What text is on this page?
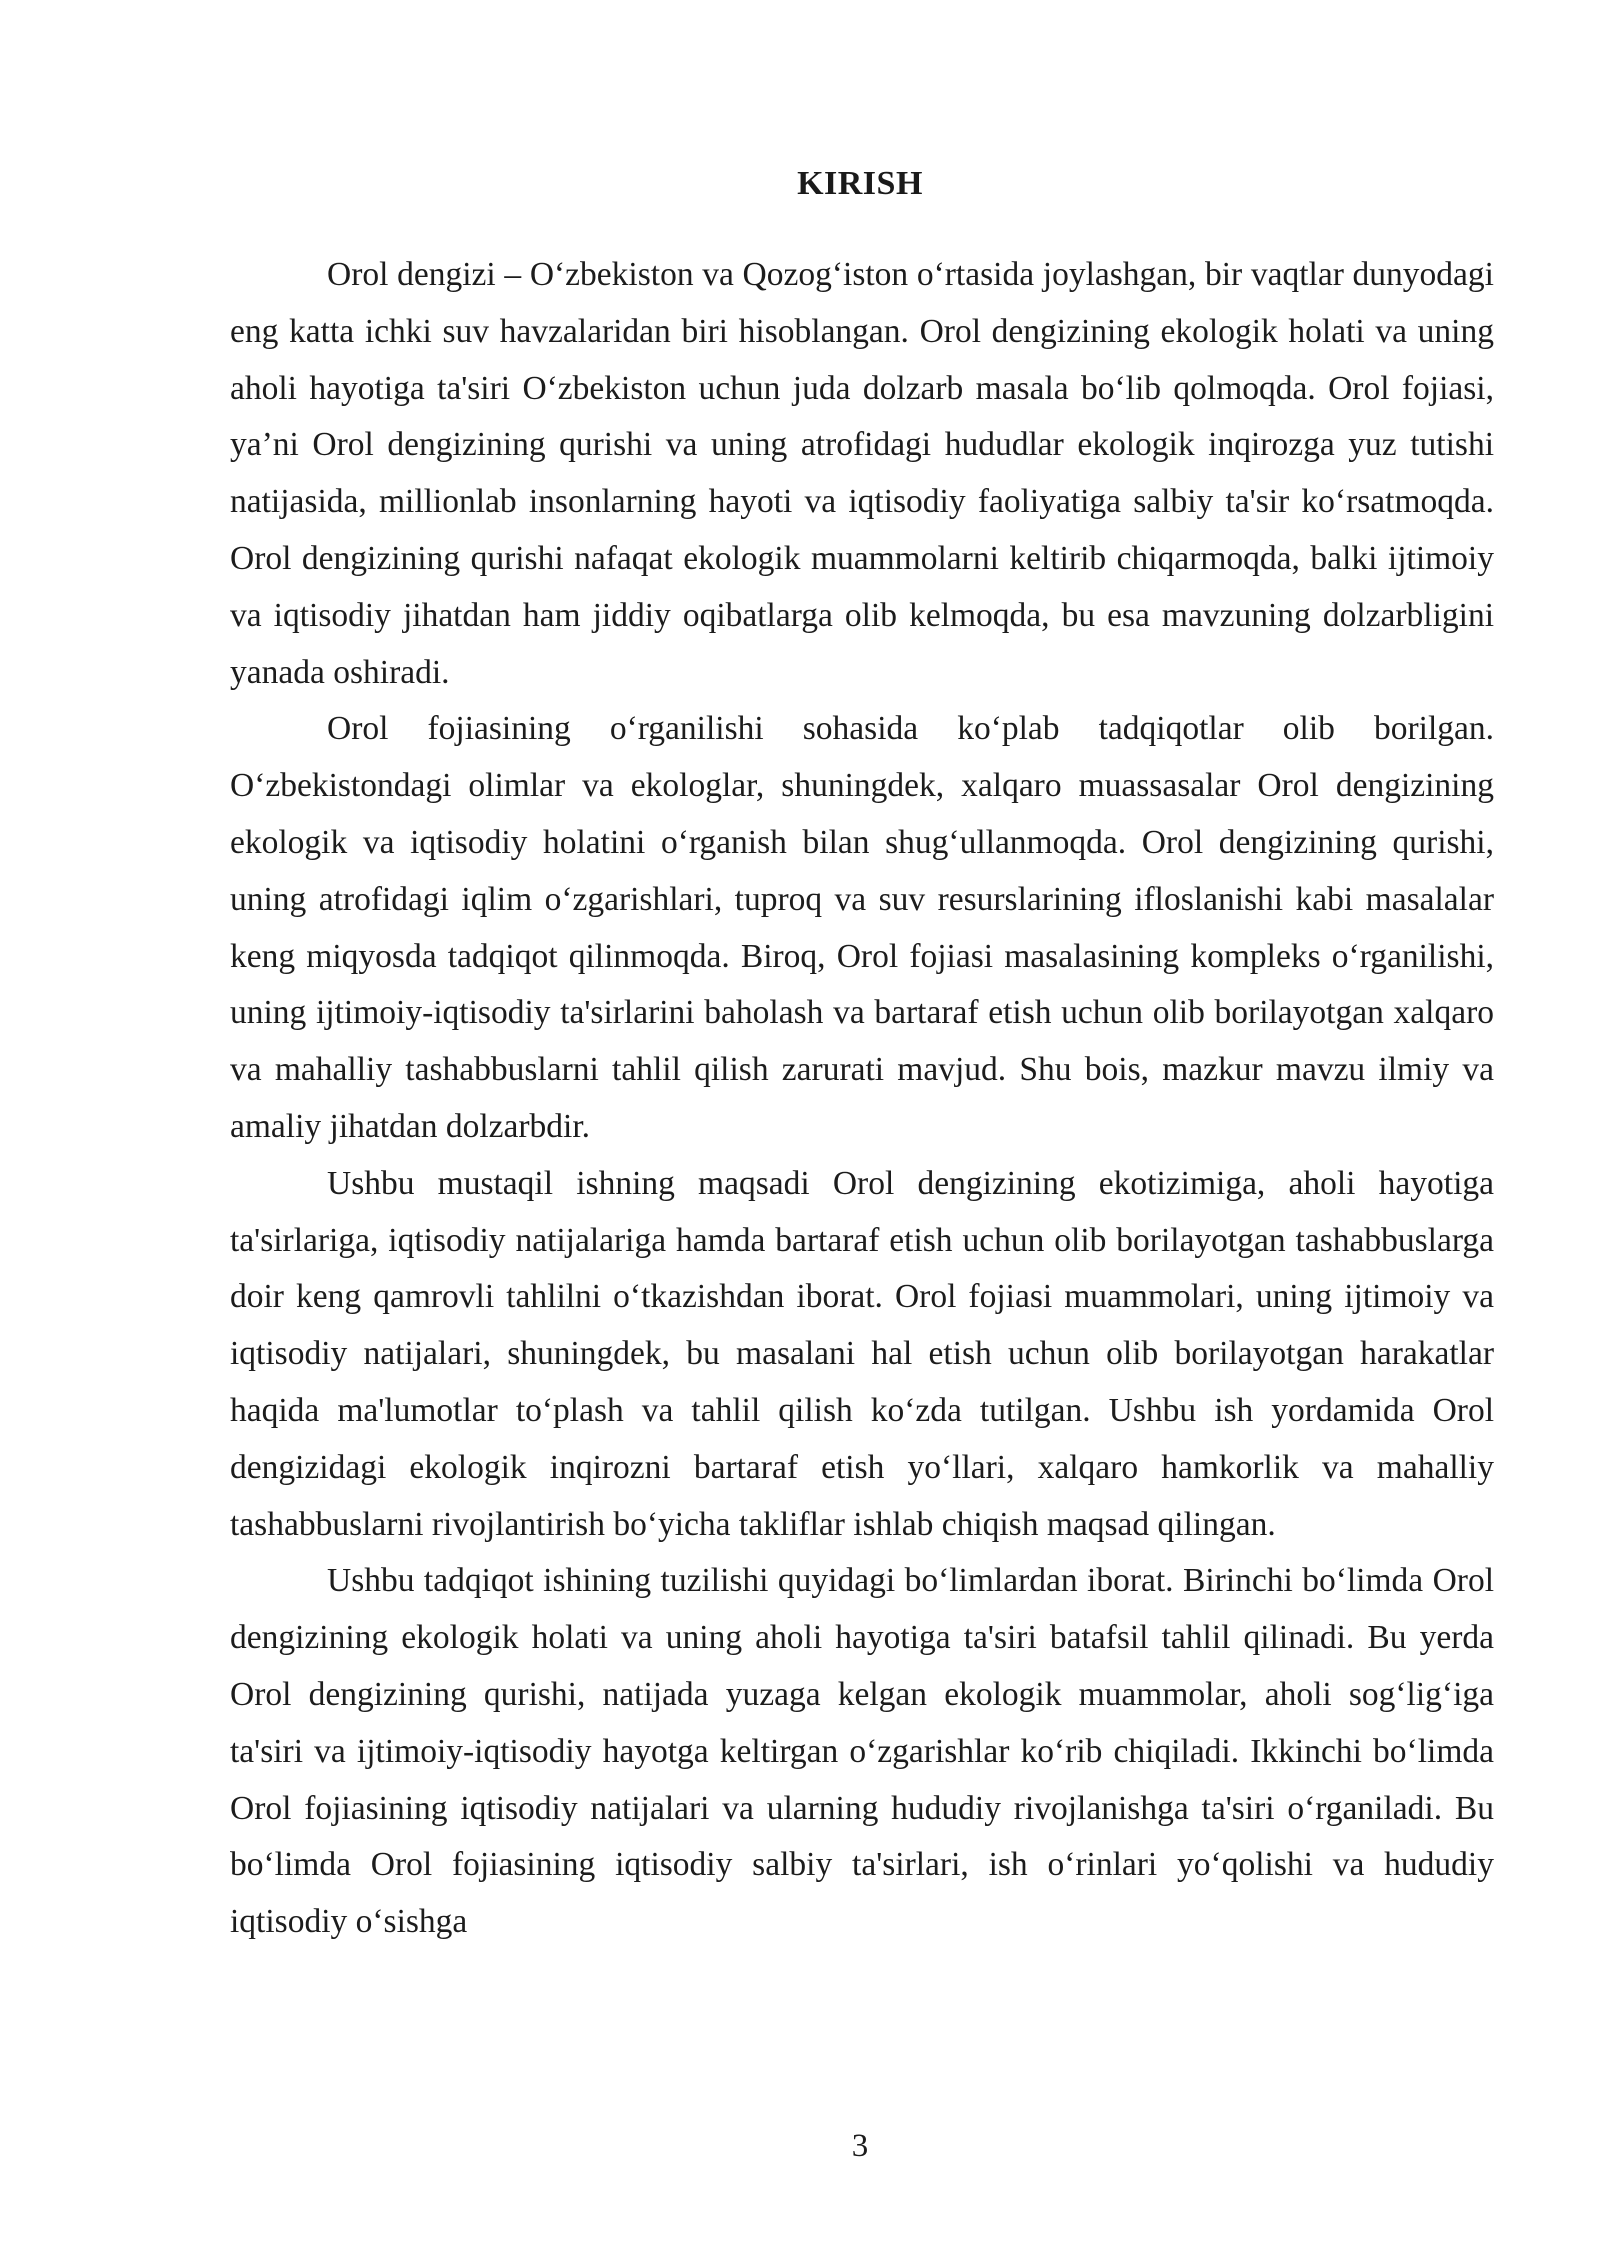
KIRISH

Orol dengizi – O‘zbekiston va Qozog‘iston o‘rtasida joylashgan, bir vaqtlar dunyodagi eng katta ichki suv havzalaridan biri hisoblangan. Orol dengizining ekologik holati va uning aholi hayotiga ta'siri O‘zbekiston uchun juda dolzarb masala bo‘lib qolmoqda. Orol fojiasi, ya’ni Orol dengizining qurishi va uning atrofidagi hududlar ekologik inqirozga yuz tutishi natijasida, millionlab insonlarning hayoti va iqtisodiy faoliyatiga salbiy ta'sir ko‘rsatmoqda. Orol dengizining qurishi nafaqat ekologik muammolarni keltirib chiqarmoqda, balki ijtimoiy va iqtisodiy jihatdan ham jiddiy oqibatlarga olib kelmoqda, bu esa mavzuning dolzarbligini yanada oshiradi.

Orol fojiasining o‘rganilishi sohasida ko‘plab tadqiqotlar olib borilgan. O‘zbekistondagi olimlar va ekologlar, shuningdek, xalqaro muassasalar Orol dengizining ekologik va iqtisodiy holatini o‘rganish bilan shug‘ullanmoqda. Orol dengizining qurishi, uning atrofidagi iqlim o‘zgarishlari, tuproq va suv resurslarining ifloslanishi kabi masalalar keng miqyosda tadqiqot qilinmoqda. Biroq, Orol fojiasi masalasining kompleks o‘rganilishi, uning ijtimoiy-iqtisodiy ta'sirlarini baholash va bartaraf etish uchun olib borilayotgan xalqaro va mahalliy tashabbuslarni tahlil qilish zarurati mavjud. Shu bois, mazkur mavzu ilmiy va amaliy jihatdan dolzarbdir.

Ushbu mustaqil ishning maqsadi Orol dengizining ekotizimiga, aholi hayotiga ta'sirlariga, iqtisodiy natijalariga hamda bartaraf etish uchun olib borilayotgan tashabbuslarga doir keng qamrovli tahlilni o‘tkazishdan iborat. Orol fojiasi muammolari, uning ijtimoiy va iqtisodiy natijalari, shuningdek, bu masalani hal etish uchun olib borilayotgan harakatlar haqida ma'lumotlar to‘plash va tahlil qilish ko‘zda tutilgan. Ushbu ish yordamida Orol dengizidagi ekologik inqirozni bartaraf etish yo‘llari, xalqaro hamkorlik va mahalliy tashabbuslarni rivojlantirish bo‘yicha takliflar ishlab chiqish maqsad qilingan.

Ushbu tadqiqot ishining tuzilishi quyidagi bo‘limlardan iborat. Birinchi bo‘limda Orol dengizining ekologik holati va uning aholi hayotiga ta'siri batafsil tahlil qilinadi. Bu yerda Orol dengizining qurishi, natijada yuzaga kelgan ekologik muammolar, aholi sog‘lig‘iga ta'siri va ijtimoiy-iqtisodiy hayotga keltirgan o‘zgarishlar ko‘rib chiqiladi. Ikkinchi bo‘limda Orol fojiasining iqtisodiy natijalari va ularning hududiy rivojlanishga ta'siri o‘rganiladi. Bu bo‘limda Orol fojiasining iqtisodiy salbiy ta'sirlari, ish o‘rinlari yo‘qolishi va hududiy iqtisodiy o‘sishga

3
